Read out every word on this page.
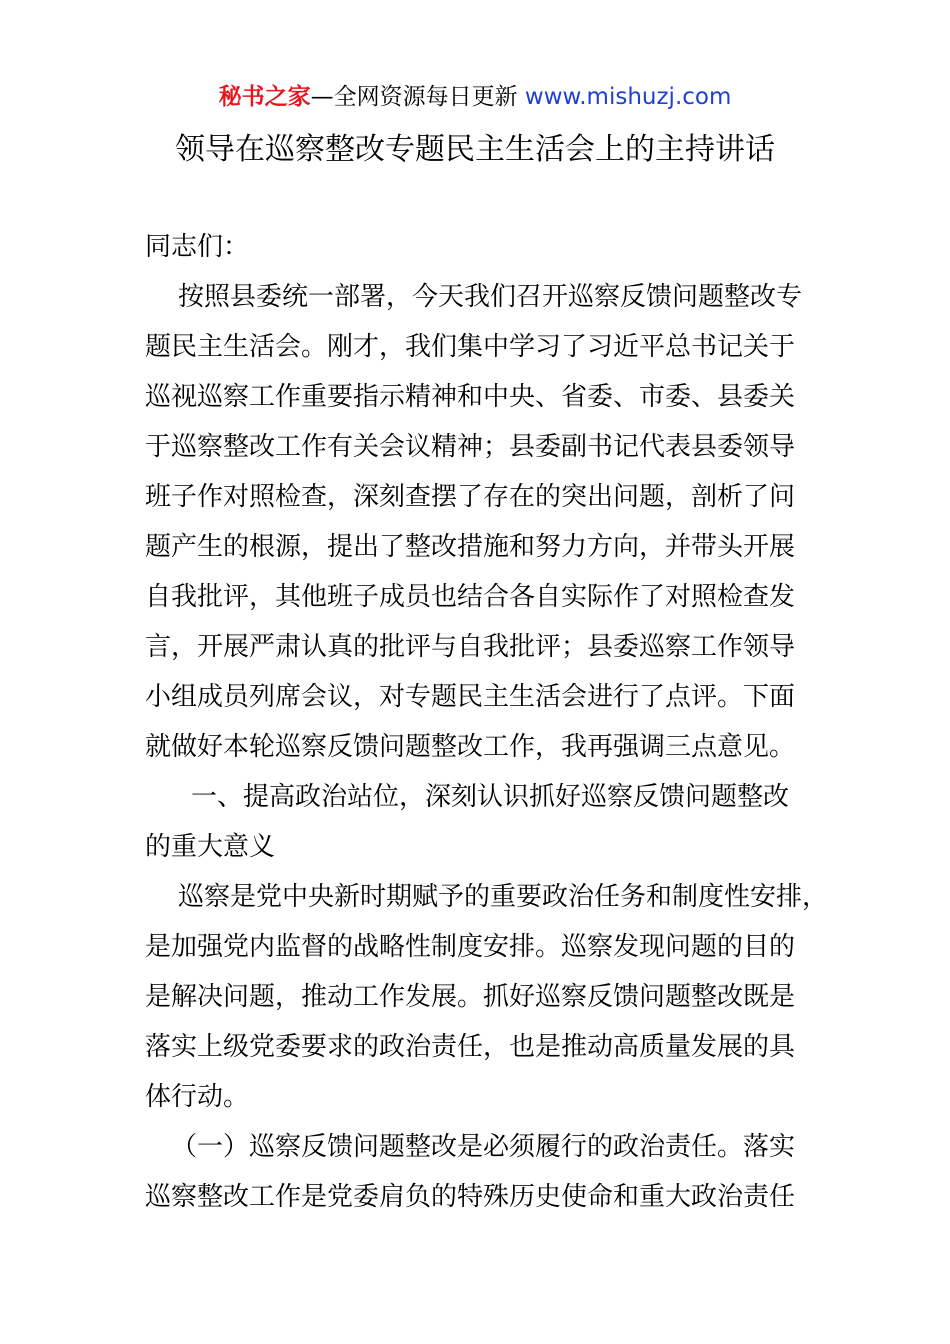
秘书之家—全网资源每日更新 www.mishuzj.com
领导在巡察整改专题民主生活会上的主持讲话
同志们：
按照县委统一部署，今天我们召开巡察反馈问题整改专
题民主生活会。刚才，我们集中学习了习近平总书记关于
巡视巡察工作重要指示精神和中央、省委、市委、县委关
于巡察整改工作有关会议精神；县委副书记代表县委领导
班子作对照检查，深刻查摆了存在的突出问题，剖析了问
题产生的根源，提出了整改措施和努力方向，并带头开展
自我批评，其他班子成员也结合各自实际作了对照检查发
言，开展严肃认真的批评与自我批评；县委巡察工作领导
小组成员列席会议，对专题民主生活会进行了点评。下面
就做好本轮巡察反馈问题整改工作，我再强调三点意见。
一、提高政治站位，深刻认识抓好巡察反馈问题整改
的重大意义
巡察是党中央新时期赋予的重要政治任务和制度性安排，
是加强党内监督的战略性制度安排。巡察发现问题的目的
是解决问题，推动工作发展。抓好巡察反馈问题整改既是
落实上级党委要求的政治责任，也是推动高质量发展的具
体行动。
（一）巡察反馈问题整改是必须履行的政治责任。落实
巡察整改工作是党委肩负的特殊历史使命和重大政治责任
